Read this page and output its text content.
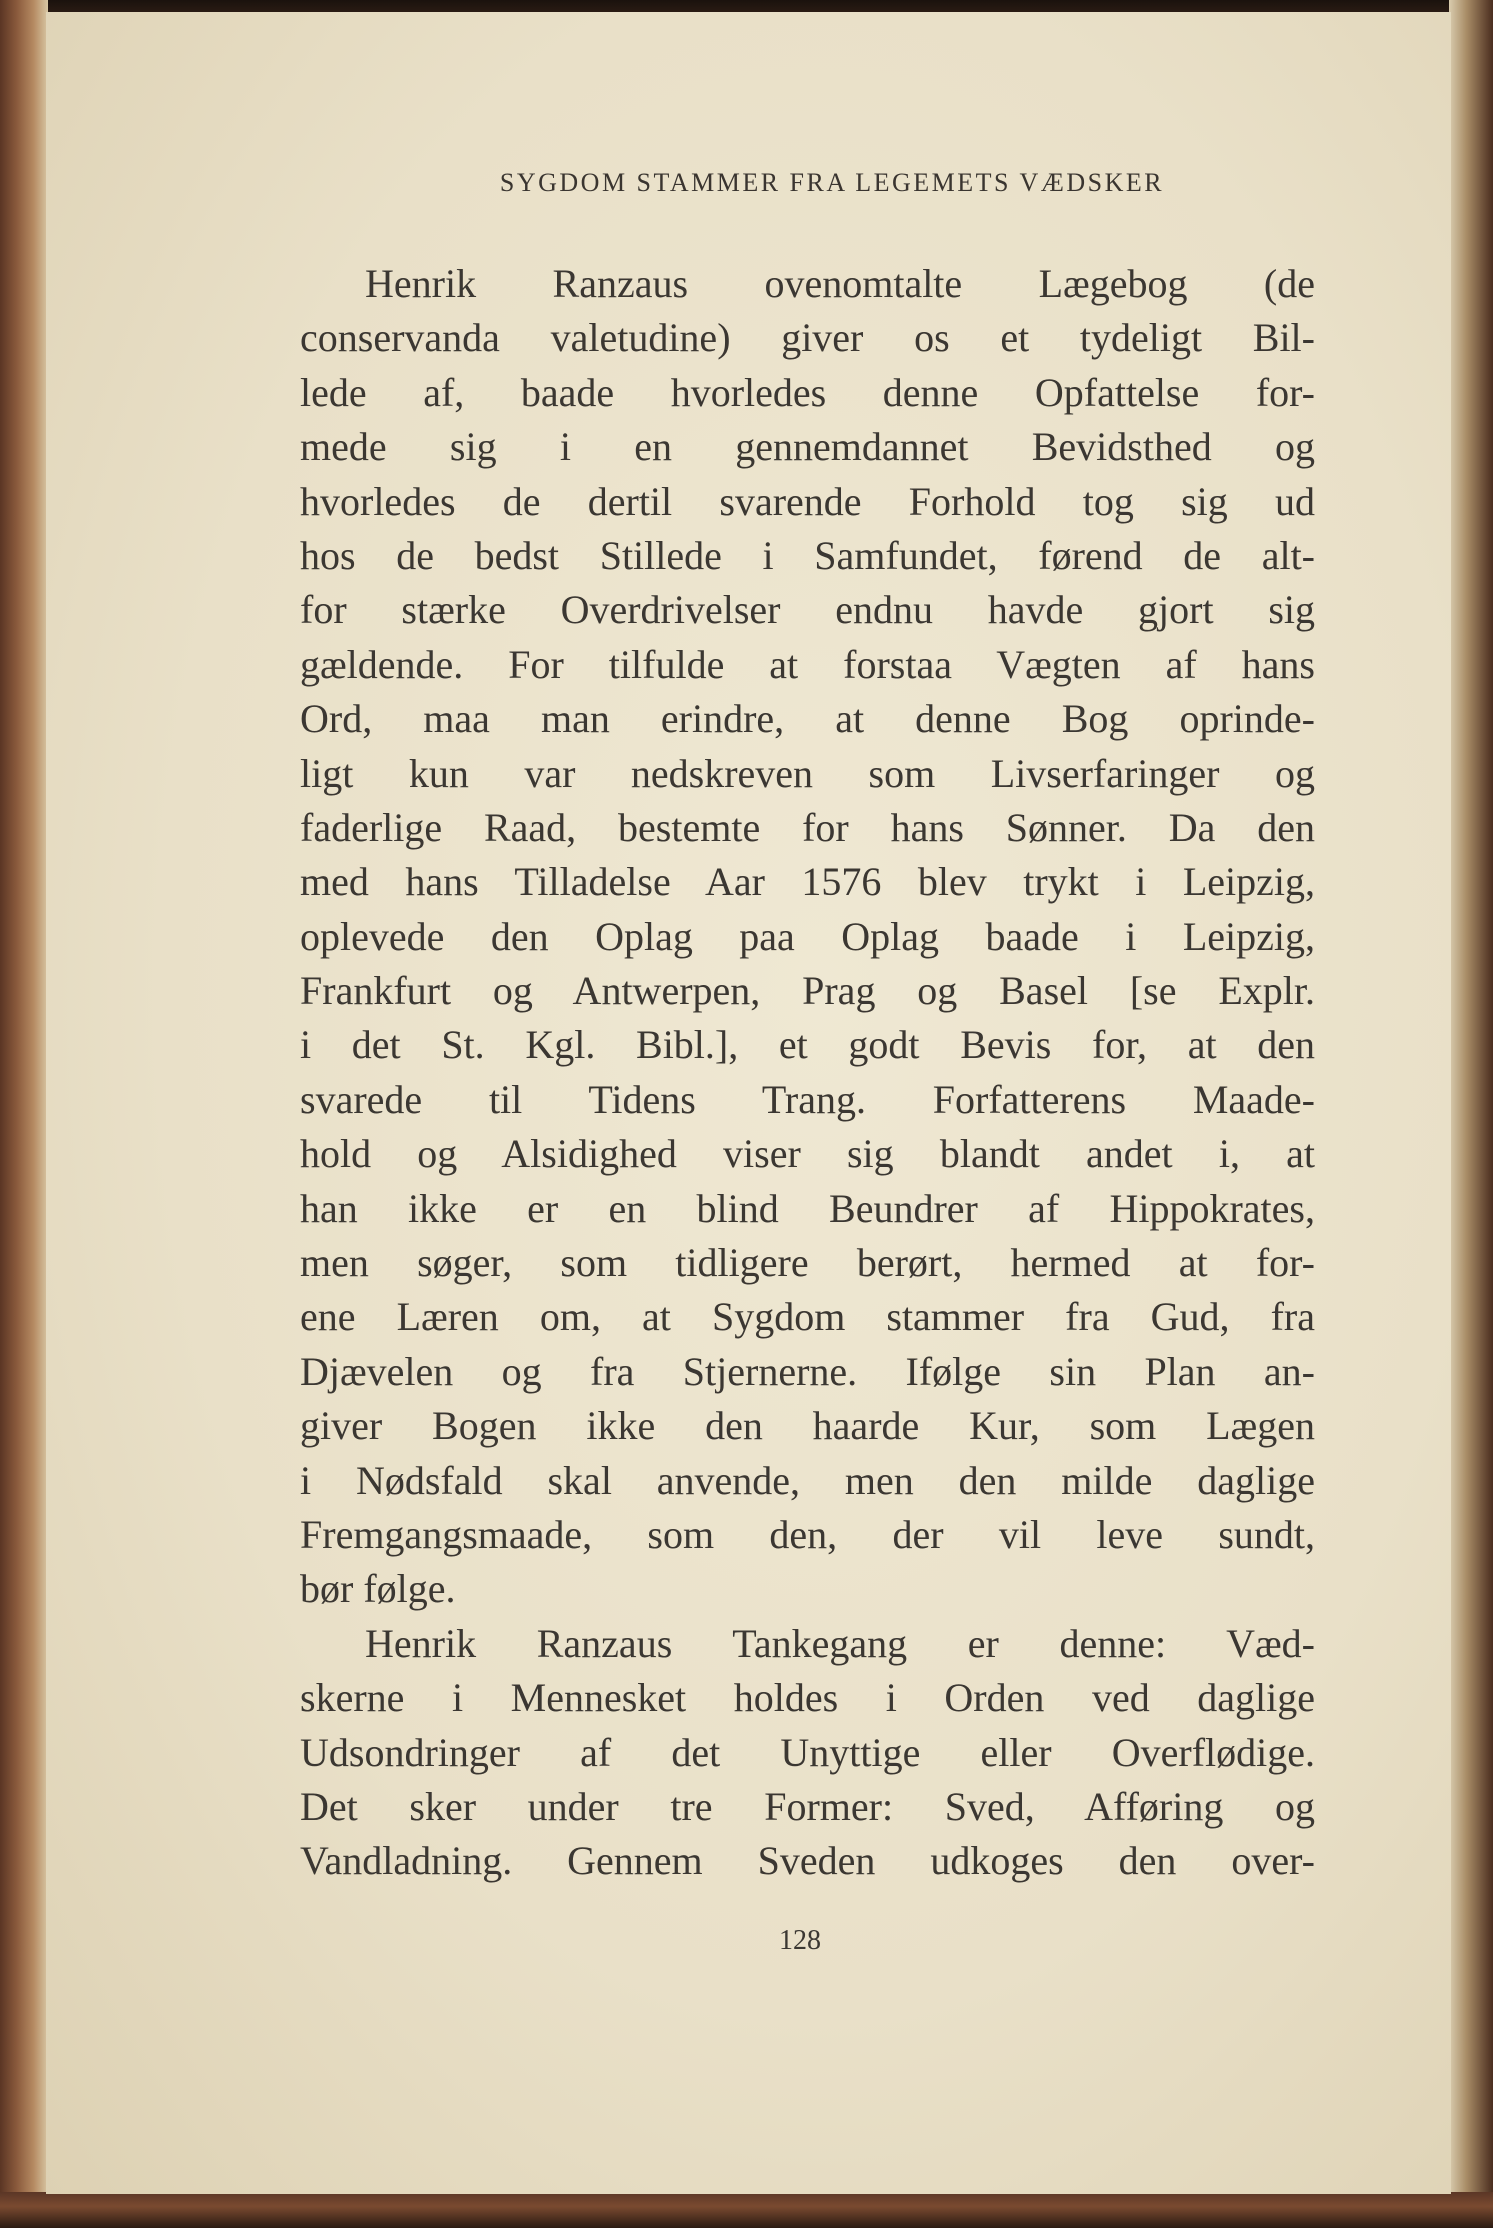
SYGDOM STAMMER FRA LEGEMETS VÆDSKER
Henrik Ranzaus ovenomtalte Lægebog (de
conservanda valetudine) giver os et tydeligt Bil-
lede af, baade hvorledes denne Opfattelse for-
mede sig i en gennemdannet Bevidsthed og
hvorledes de dertil svarende Forhold tog sig ud
hos de bedst Stillede i Samfundet, førend de alt-
for stærke Overdrivelser endnu havde gjort sig
gældende. For tilfulde at forstaa Vægten af hans
Ord, maa man erindre, at denne Bog oprinde-
ligt kun var nedskreven som Livserfaringer og
faderlige Raad, bestemte for hans Sønner. Da den
med hans Tilladelse Aar 1576 blev trykt i Leipzig,
oplevede den Oplag paa Oplag baade i Leipzig,
Frankfurt og Antwerpen, Prag og Basel [se Explr.
i det St. Kgl. Bibl.], et godt Bevis for, at den
svarede til Tidens Trang. Forfatterens Maade-
hold og Alsidighed viser sig blandt andet i, at
han ikke er en blind Beundrer af Hippokrates,
men søger, som tidligere berørt, hermed at for-
ene Læren om, at Sygdom stammer fra Gud, fra
Djævelen og fra Stjernerne. Ifølge sin Plan an-
giver Bogen ikke den haarde Kur, som Lægen
i Nødsfald skal anvende, men den milde daglige
Fremgangsmaade, som den, der vil leve sundt,
bør følge.
Henrik Ranzaus Tankegang er denne: Væd-
skerne i Mennesket holdes i Orden ved daglige
Udsondringer af det Unyttige eller Overflødige.
Det sker under tre Former: Sved, Afføring og
Vandladning. Gennem Sveden udkoges den over-
128
